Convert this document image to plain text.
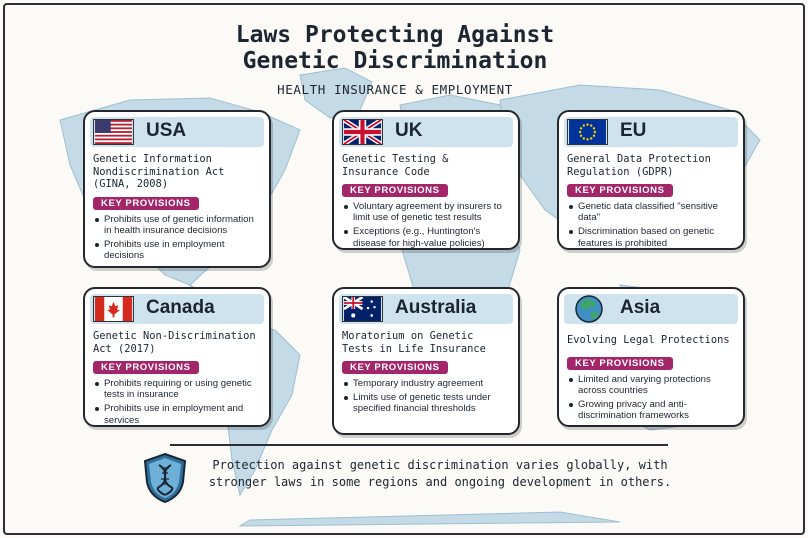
Laws Protecting Against
Genetic Discrimination
HEALTH INSURANCE & EMPLOYMENT
USA
Genetic Information Nondiscrimination Act (GINA, 2008)
KEY PROVISIONS
Prohibits use of genetic information in health insurance decisions
Prohibits use in employment decisions
UK
Genetic Testing & Insurance Code
KEY PROVISIONS
Voluntary agreement by insurers to limit use of genetic test results
Exceptions (e.g., Huntington's disease for high-value policies)
EU
General Data Protection Regulation (GDPR)
KEY PROVISIONS
Genetic data classified "sensitive data"
Discrimination based on genetic features is prohibited
Canada
Genetic Non-Discrimination Act (2017)
KEY PROVISIONS
Prohibits requiring or using genetic tests in insurance
Prohibits use in employment and services
Australia
Moratorium on Genetic Tests in Life Insurance
KEY PROVISIONS
Temporary industry agreement
Limits use of genetic tests under specified financial thresholds
Asia
Evolving Legal Protections
KEY PROVISIONS
Limited and varying protections across countries
Growing privacy and anti-discrimination frameworks
Protection against genetic discrimination varies globally, with
stronger laws in some regions and ongoing development in others.
